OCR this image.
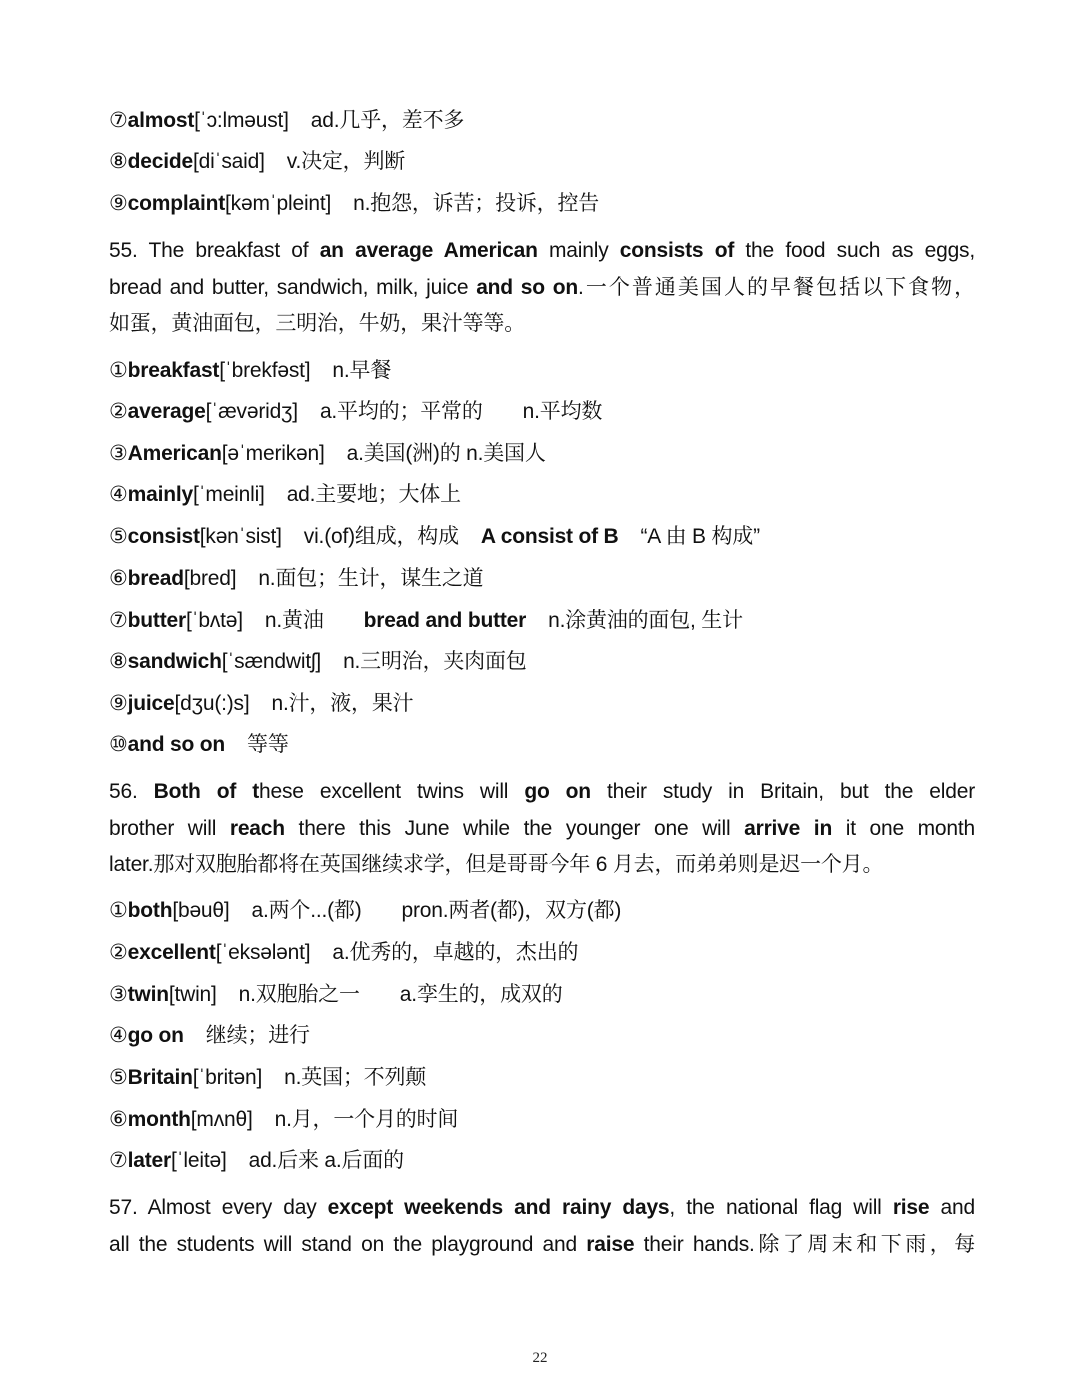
⑦almost[ˈɔ:lməust] ad.几乎，差不多
⑧decide[diˈsaid] v.决定，判断
⑨complaint[kəmˈpleint] n.抱怨，诉苦；投诉，控告
55. The breakfast of an average American mainly consists of the food such as eggs,
bread and butter, sandwich, milk, juice and so on.一个普通美国人的早餐包括以下食物，
如蛋，黄油面包，三明治，牛奶，果汁等等。
①breakfast[ˈbrekfəst] n.早餐
②average[ˈævəridʒ] a.平均的；平常的 n.平均数
③American[əˈmerikən] a.美国(洲)的 n.美国人
④mainly[ˈmeinli] ad.主要地；大体上
⑤consist[kənˈsist] vi.(of)组成，构成 A consist of B “A 由 B 构成”
⑥bread[bred] n.面包；生计，谋生之道
⑦butter[ˈbʌtə] n.黄油 bread and butter n.涂黄油的面包, 生计
⑧sandwich[ˈsændwitʃ] n.三明治，夹肉面包
⑨juice[dʒu(:)s] n.汁，液，果汁
⑩and so on 等等
56. Both of these excellent twins will go on their study in Britain, but the elder
brother will reach there this June while the younger one will arrive in it one month
later.那对双胞胎都将在英国继续求学，但是哥哥今年 6 月去，而弟弟则是迟一个月。
①both[bəuθ] a.两个...(都) pron.两者(都)，双方(都)
②excellent[ˈeksələnt] a.优秀的，卓越的，杰出的
③twin[twin] n.双胞胎之一 a.孪生的，成双的
④go on 继续；进行
⑤Britain[ˈbritən] n.英国；不列颠
⑥month[mʌnθ] n.月，一个月的时间
⑦later[ˈleitə] ad.后来 a.后面的
57. Almost every day except weekends and rainy days, the national flag will rise and
all the students will stand on the playground and raise their hands.除了周末和下雨，每
22
